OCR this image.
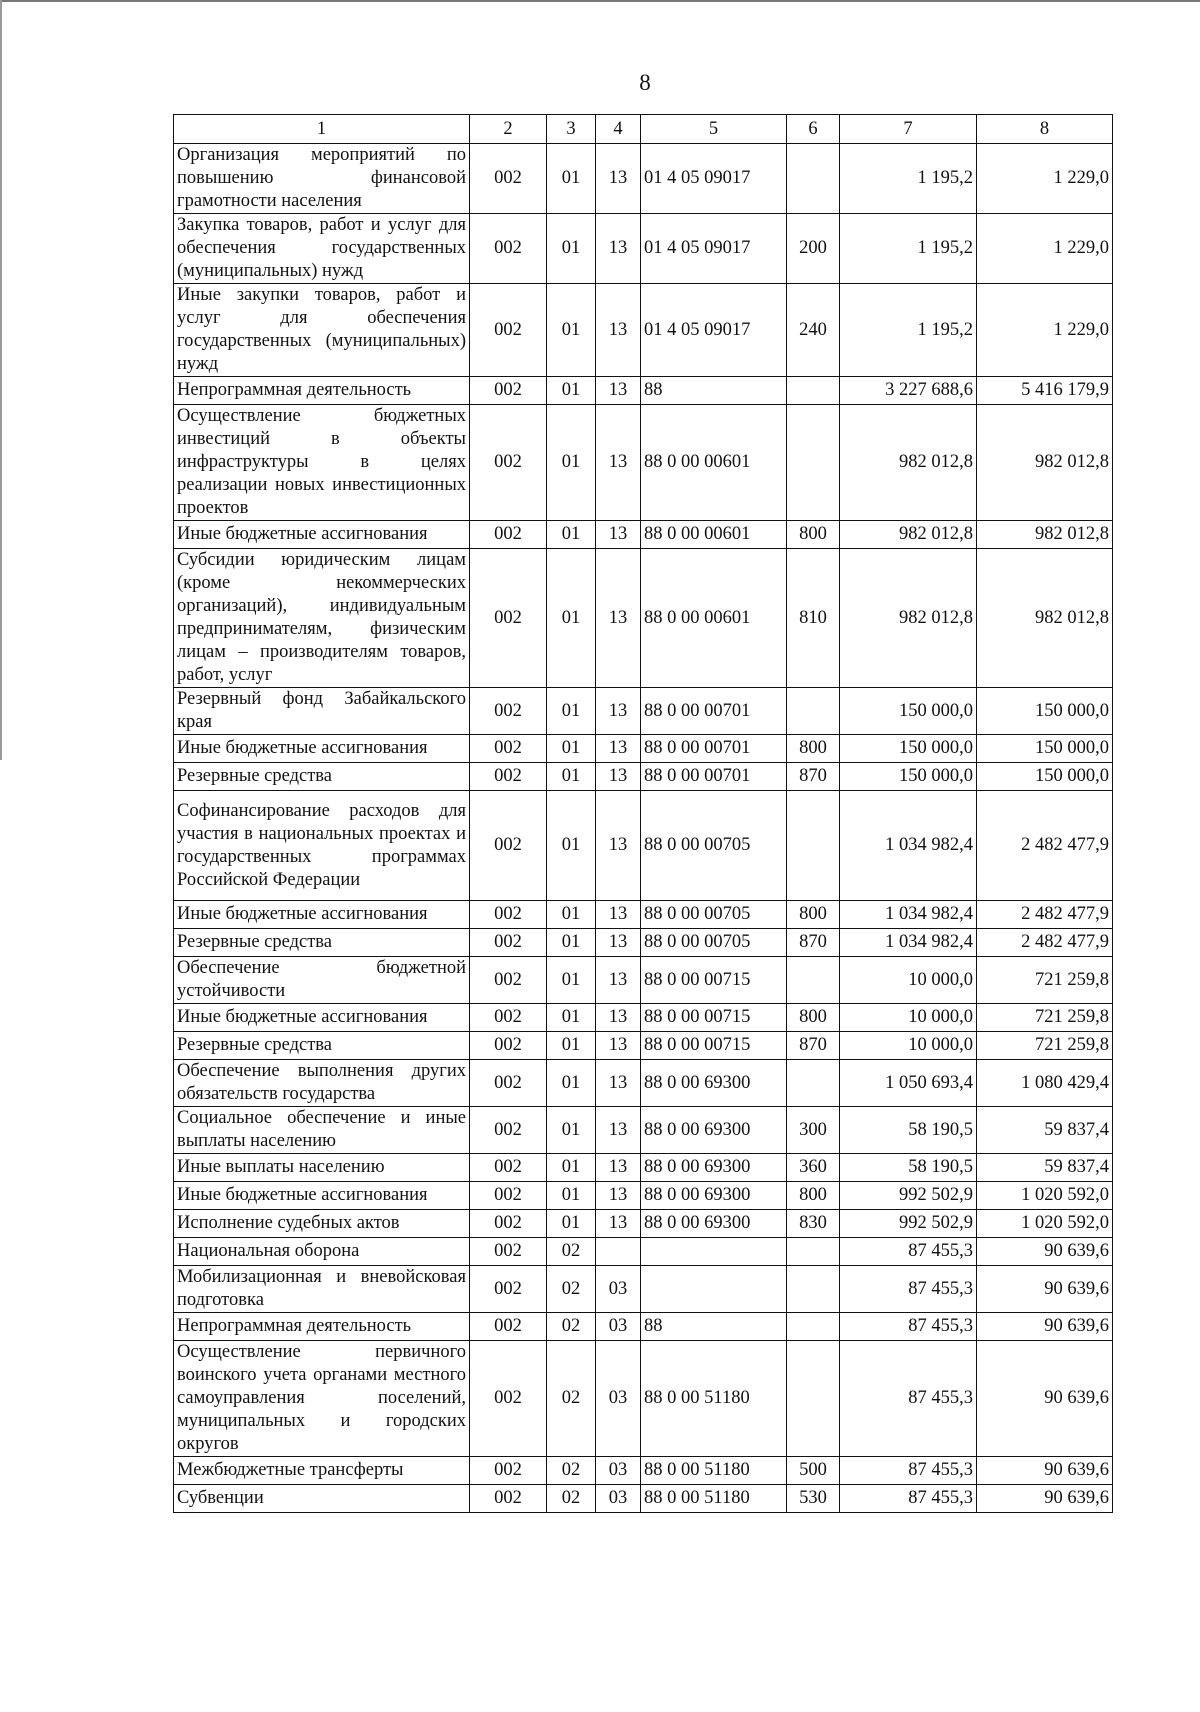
8
1	2	3	4	5	6	7	8
Организация мероприятий по повышению финансовой грамотности населения	002	01	13	01 4 05 09017		1 195,2	1 229,0
Закупка товаров, работ и услуг для обеспечения государственных (муниципальных) нужд	002	01	13	01 4 05 09017	200	1 195,2	1 229,0
Иные закупки товаров, работ и услуг для обеспечения государственных (муниципальных) нужд	002	01	13	01 4 05 09017	240	1 195,2	1 229,0
Непрограммная деятельность	002	01	13	88		3 227 688,6	5 416 179,9
Осуществление бюджетных инвестиций в объекты инфраструктуры в целях реализации новых инвестиционных проектов	002	01	13	88 0 00 00601		982 012,8	982 012,8
Иные бюджетные ассигнования	002	01	13	88 0 00 00601	800	982 012,8	982 012,8
Субсидии юридическим лицам (кроме некоммерческих организаций), индивидуальным предпринимателям, физическим лицам – производителям товаров, работ, услуг	002	01	13	88 0 00 00601	810	982 012,8	982 012,8
Резервный фонд Забайкальского края	002	01	13	88 0 00 00701		150 000,0	150 000,0
Иные бюджетные ассигнования	002	01	13	88 0 00 00701	800	150 000,0	150 000,0
Резервные средства	002	01	13	88 0 00 00701	870	150 000,0	150 000,0
Софинансирование расходов для участия в национальных проектах и государственных программах Российской Федерации	002	01	13	88 0 00 00705		1 034 982,4	2 482 477,9
Иные бюджетные ассигнования	002	01	13	88 0 00 00705	800	1 034 982,4	2 482 477,9
Резервные средства	002	01	13	88 0 00 00705	870	1 034 982,4	2 482 477,9
Обеспечение бюджетной устойчивости	002	01	13	88 0 00 00715		10 000,0	721 259,8
Иные бюджетные ассигнования	002	01	13	88 0 00 00715	800	10 000,0	721 259,8
Резервные средства	002	01	13	88 0 00 00715	870	10 000,0	721 259,8
Обеспечение выполнения других обязательств государства	002	01	13	88 0 00 69300		1 050 693,4	1 080 429,4
Социальное обеспечение и иные выплаты населению	002	01	13	88 0 00 69300	300	58 190,5	59 837,4
Иные выплаты населению	002	01	13	88 0 00 69300	360	58 190,5	59 837,4
Иные бюджетные ассигнования	002	01	13	88 0 00 69300	800	992 502,9	1 020 592,0
Исполнение судебных актов	002	01	13	88 0 00 69300	830	992 502,9	1 020 592,0
Национальная оборона	002	02				87 455,3	90 639,6
Мобилизационная и вневойсковая подготовка	002	02	03			87 455,3	90 639,6
Непрограммная деятельность	002	02	03	88		87 455,3	90 639,6
Осуществление первичного воинского учета органами местного самоуправления поселений, муниципальных и городских округов	002	02	03	88 0 00 51180		87 455,3	90 639,6
Межбюджетные трансферты	002	02	03	88 0 00 51180	500	87 455,3	90 639,6
Субвенции	002	02	03	88 0 00 51180	530	87 455,3	90 639,6
